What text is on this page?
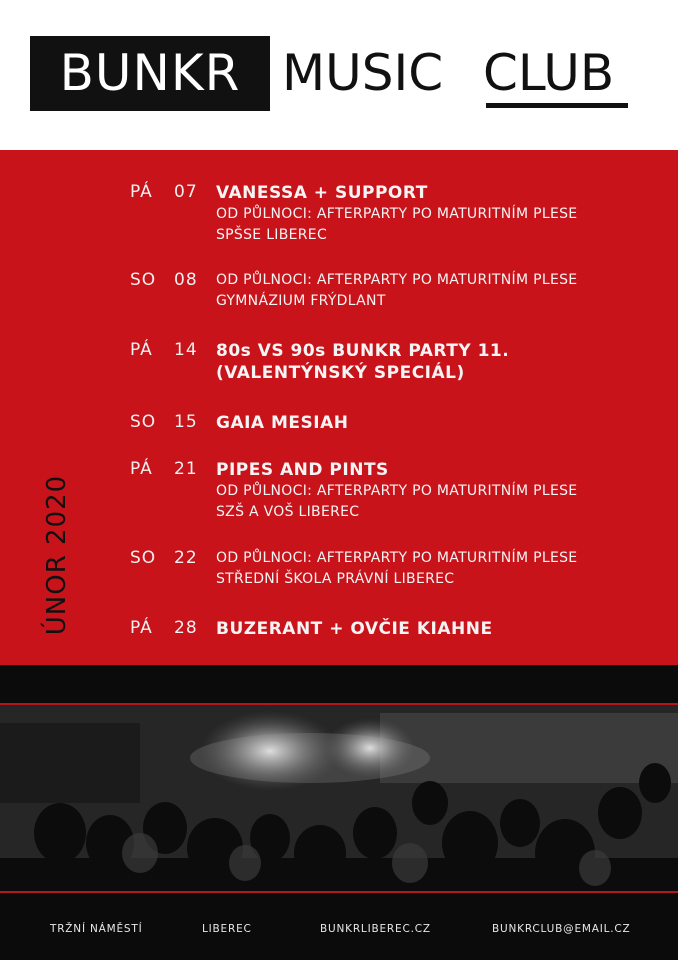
BUNKR MUSIC CLUB
ÚNOR 2020
PÁ 07 VANESSA + SUPPORT
OD PŮLNOCI: AFTERPARTY PO MATURITNÍM PLESE
SPŠSE LIBEREC
SO 08 OD PŮLNOCI: AFTERPARTY PO MATURITNÍM PLESE
GYMNÁZIUM FRÝDLANT
PÁ 14 80s VS 90s BUNKR PARTY 11.
(VALENTÝNSKÝ SPECIÁL)
SO 15 GAIA MESIAH
PÁ 21 PIPES AND PINTS
OD PŮLNOCI: AFTERPARTY PO MATURITNÍM PLESE
SZŠ A VOŠ LIBEREC
SO 22 OD PŮLNOCI: AFTERPARTY PO MATURITNÍM PLESE
STŘEDNÍ ŠKOLA PRÁVNÍ LIBEREC
PÁ 28 BUZERANT + OVČIE KIAHNE
TRŽNÍ NÁMĚSTÍ	LIBEREC	BUNKRLIBEREC.CZ	BUNKRCLUB@EMAIL.CZ
